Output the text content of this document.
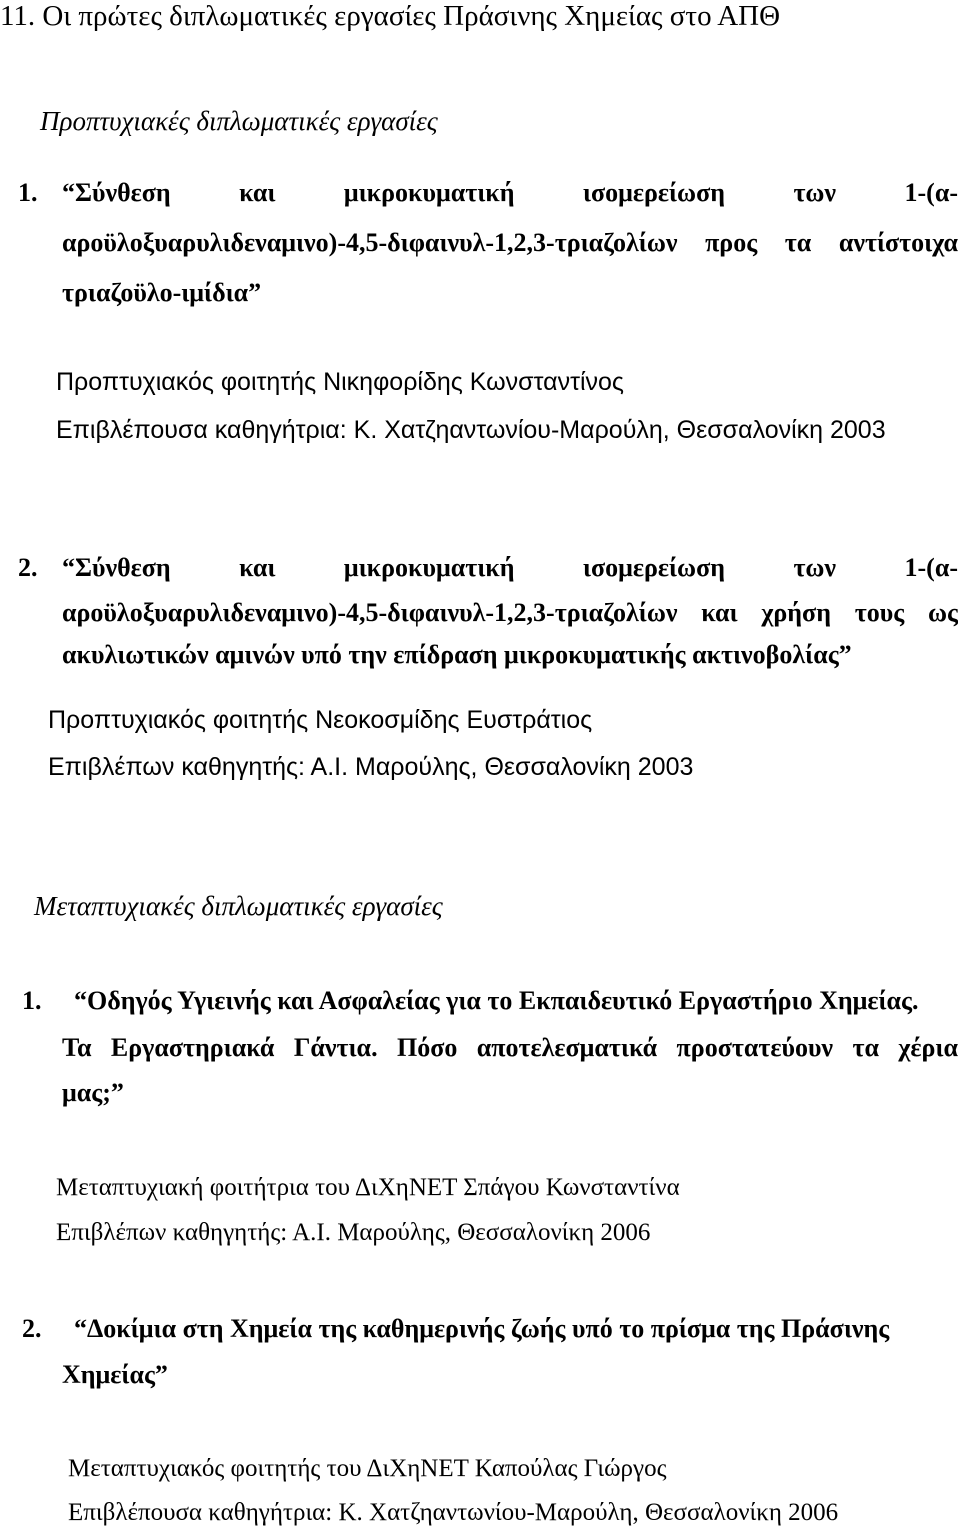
11. Οι πρώτες διπλωματικές εργασίες Πράσινης Χημείας στο ΑΠΘ
Προπτυχιακές διπλωματικές εργασίες
1. “Σύνθεση και μικροκυματική ισομερείωση των 1-(α-
αροϋλοξυαρυλιδεναμινο)-4,5-διφαινυλ-1,2,3-τριαζολίων προς τα αντίστοιχα
τριαζοϋλο-ιμίδια”
Προπτυχιακός φοιτητής Νικηφορίδης Κωνσταντίνος
Επιβλέπουσα καθηγήτρια: Κ. Χατζηαντωνίου-Μαρούλη, Θεσσαλονίκη 2003
2. “Σύνθεση και μικροκυματική ισομερείωση των 1-(α-
αροϋλοξυαρυλιδεναμινο)-4,5-διφαινυλ-1,2,3-τριαζολίων και χρήση τους ως
ακυλιωτικών αμινών υπό την επίδραση μικροκυματικής ακτινοβολίας”
Προπτυχιακός φοιτητής Νεοκοσμίδης Ευστράτιος
Επιβλέπων καθηγητής: Α.Ι. Μαρούλης, Θεσσαλονίκη 2003
Μεταπτυχιακές διπλωματικές εργασίες
1. “Οδηγός Υγιεινής και Ασφαλείας για το Εκπαιδευτικό Εργαστήριο Χημείας.
Τα Εργαστηριακά Γάντια. Πόσο αποτελεσματικά προστατεύουν τα χέρια
μας;”
Μεταπτυχιακή φοιτήτρια του ΔιΧηΝΕΤ Σπάγου Κωνσταντίνα
Επιβλέπων καθηγητής: Α.Ι. Μαρούλης, Θεσσαλονίκη 2006
2. “Δοκίμια στη Χημεία της καθημερινής ζωής υπό το πρίσμα της Πράσινης
Χημείας”
Μεταπτυχιακός φοιτητής του ΔιΧηΝΕΤ Καπούλας Γιώργος
Επιβλέπουσα καθηγήτρια: Κ. Χατζηαντωνίου-Μαρούλη, Θεσσαλονίκη 2006
